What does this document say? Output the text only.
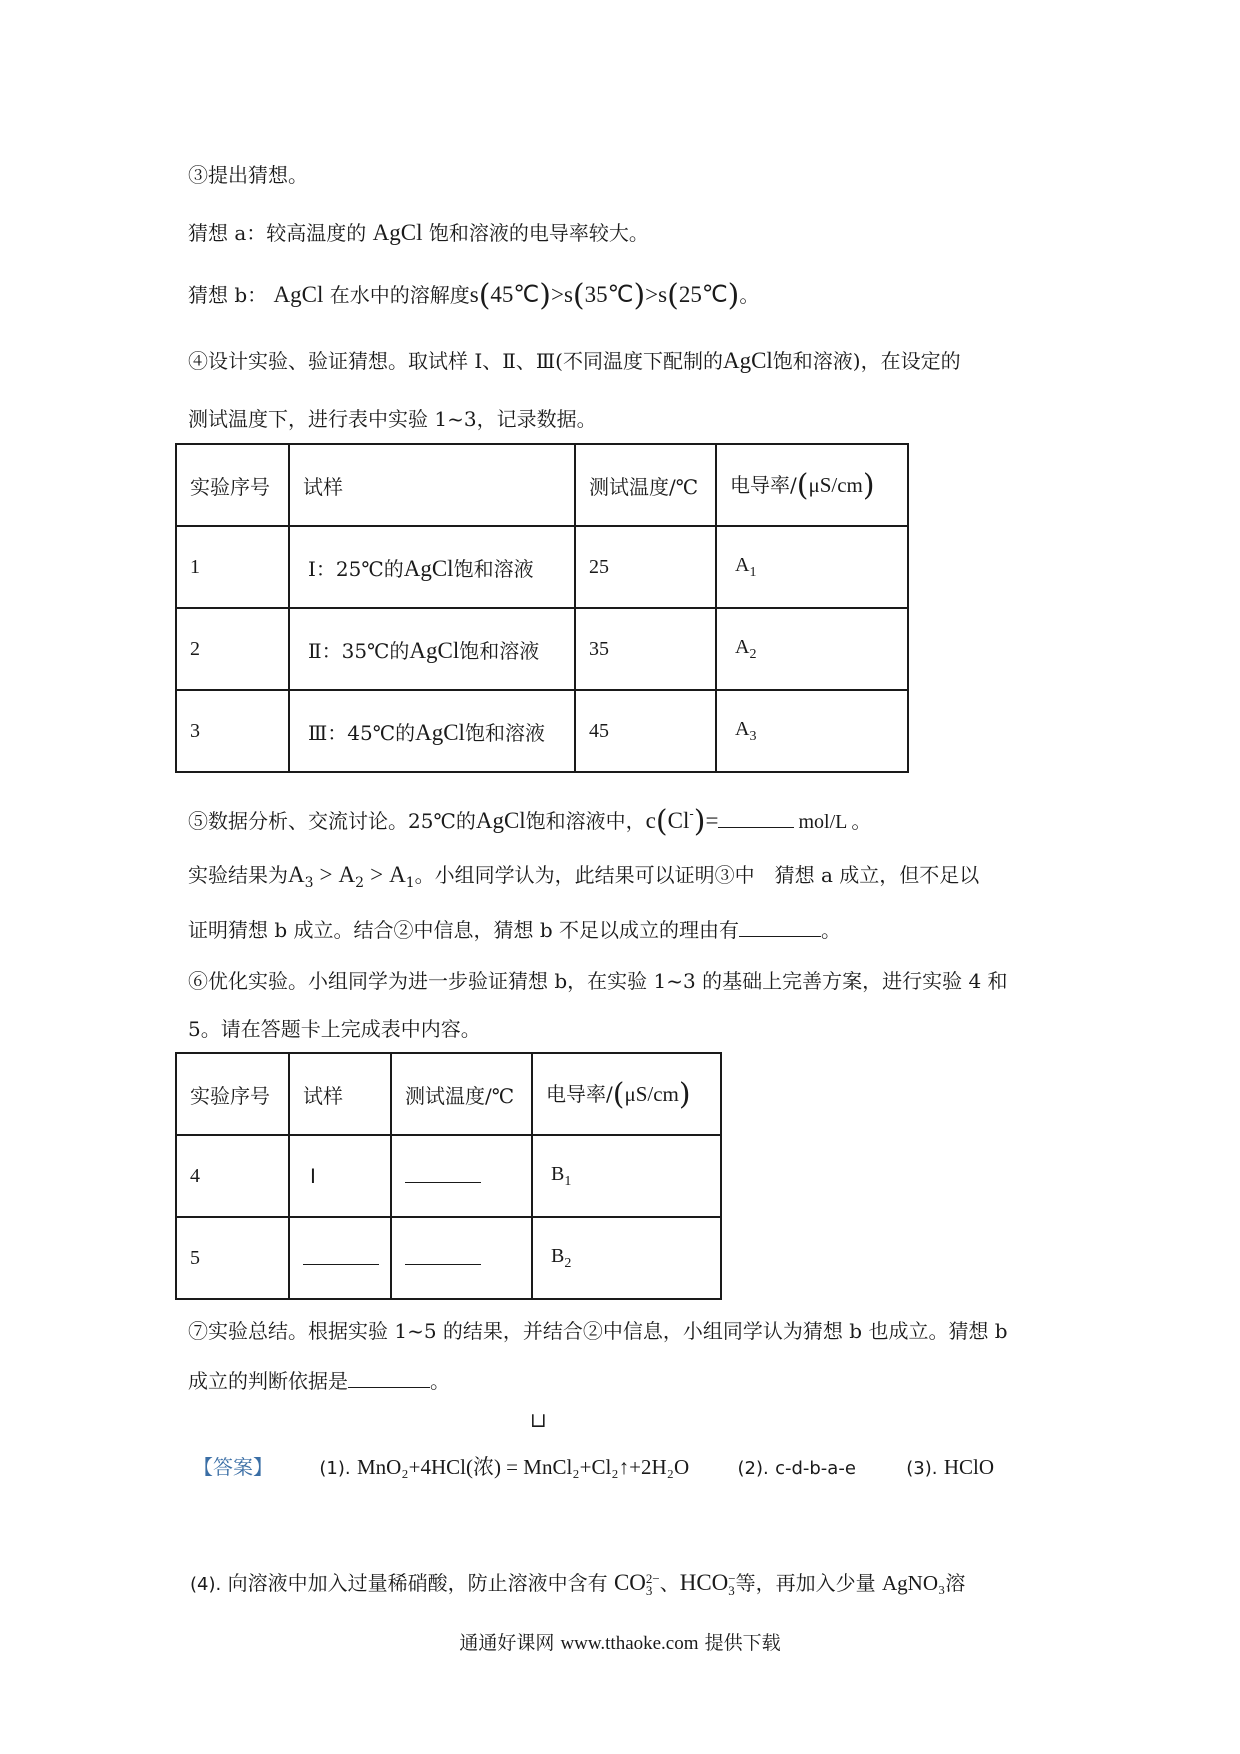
③提出猜想。
猜想 a：较高温度的 AgCl 饱和溶液的电导率较大。
猜想 b： AgCl 在水中的溶解度s(45℃)>s(35℃)>s(25℃)。
④设计实验、验证猜想。取试样 Ⅰ、Ⅱ、Ⅲ(不同温度下配制的AgCl饱和溶液)，在设定的
测试温度下，进行表中实验 1~3，记录数据。
实验序号	试样	测试温度/℃	电导率/(μS/cm)
1	Ⅰ：25℃的AgCl饱和溶液	25	$A_1$
2	Ⅱ：35℃的AgCl饱和溶液	35	$A_2$
3	Ⅲ：45℃的AgCl饱和溶液	45	$A_3$
⑤数据分析、交流讨论。25℃的AgCl饱和溶液中，c(Cl-)=	mol/L 。
实验结果为$A_3 > A_2 > A_1$。小组同学认为，此结果可以证明③中　猜想 a 成立，但不足以
证明猜想 b 成立。结合②中信息，猜想 b 不足以成立的理由有	。
⑥优化实验。小组同学为进一步验证猜想 b，在实验 1~3 的基础上完善方案，进行实验 4 和
5。请在答题卡上完成表中内容。
实验序号	试样	测试温度/℃	电导率/(μS/cm)
4	Ⅰ		$B_1$
5			$B_2$
⑦实验总结。根据实验 1~5 的结果，并结合②中信息，小组同学认为猜想 b 也成立。猜想 b
成立的判断依据是	。
⊔
【答案】	(1). MnO₂+4HCl(浓) = MnCl₂+Cl₂↑+2H₂O	(2). c-d-b-a-e	(3). HClO
(4). 向溶液中加入过量稀硝酸，防止溶液中含有 CO 2−
3 、HCO −
3 等，再加入少量 AgNO₃溶
通通好课网 www.tthaoke.com 提供下载
